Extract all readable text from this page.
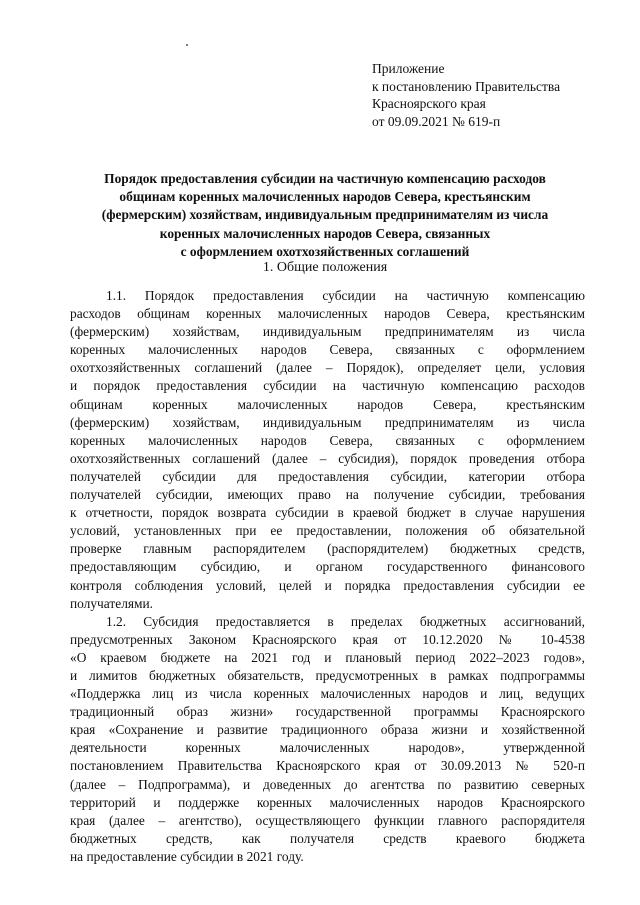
Приложение
к постановлению Правительства
Красноярского края
от 09.09.2021 № 619-п
Порядок предоставления субсидии на частичную компенсацию расходов
общинам коренных малочисленных народов Севера, крестьянским
(фермерским) хозяйствам, индивидуальным предпринимателям из числа
коренных малочисленных народов Севера, связанных
с оформлением охотхозяйственных соглашений
1. Общие положения
1.1. Порядок предоставления субсидии на частичную компенсацию
расходов общинам коренных малочисленных народов Севера, крестьянским
(фермерским) хозяйствам, индивидуальным предпринимателям из числа
коренных малочисленных народов Севера, связанных с оформлением
охотхозяйственных соглашений (далее – Порядок), определяет цели, условия
и порядок предоставления субсидии на частичную компенсацию расходов
общинам коренных малочисленных народов Севера, крестьянским
(фермерским) хозяйствам, индивидуальным предпринимателям из числа
коренных малочисленных народов Севера, связанных с оформлением
охотхозяйственных соглашений (далее – субсидия), порядок проведения отбора
получателей субсидии для предоставления субсидии, категории отбора
получателей субсидии, имеющих право на получение субсидии, требования
к отчетности, порядок возврата субсидии в краевой бюджет в случае нарушения
условий, установленных при ее предоставлении, положения об обязательной
проверке главным распорядителем (распорядителем) бюджетных средств,
предоставляющим субсидию, и органом государственного финансового
контроля соблюдения условий, целей и порядка предоставления субсидии ее
получателями.
1.2. Субсидия предоставляется в пределах бюджетных ассигнований,
предусмотренных Законом Красноярского края от 10.12.2020 № 10-4538
«О краевом бюджете на 2021 год и плановый период 2022–2023 годов»,
и лимитов бюджетных обязательств, предусмотренных в рамках подпрограммы
«Поддержка лиц из числа коренных малочисленных народов и лиц, ведущих
традиционный образ жизни» государственной программы Красноярского
края «Сохранение и развитие традиционного образа жизни и хозяйственной
деятельности коренных малочисленных народов», утвержденной
постановлением Правительства Красноярского края от 30.09.2013 № 520-п
(далее – Подпрограмма), и доведенных до агентства по развитию северных
территорий и поддержке коренных малочисленных народов Красноярского
края (далее – агентство), осуществляющего функции главного распорядителя
бюджетных средств, как получателя средств краевого бюджета
на предоставление субсидии в 2021 году.
